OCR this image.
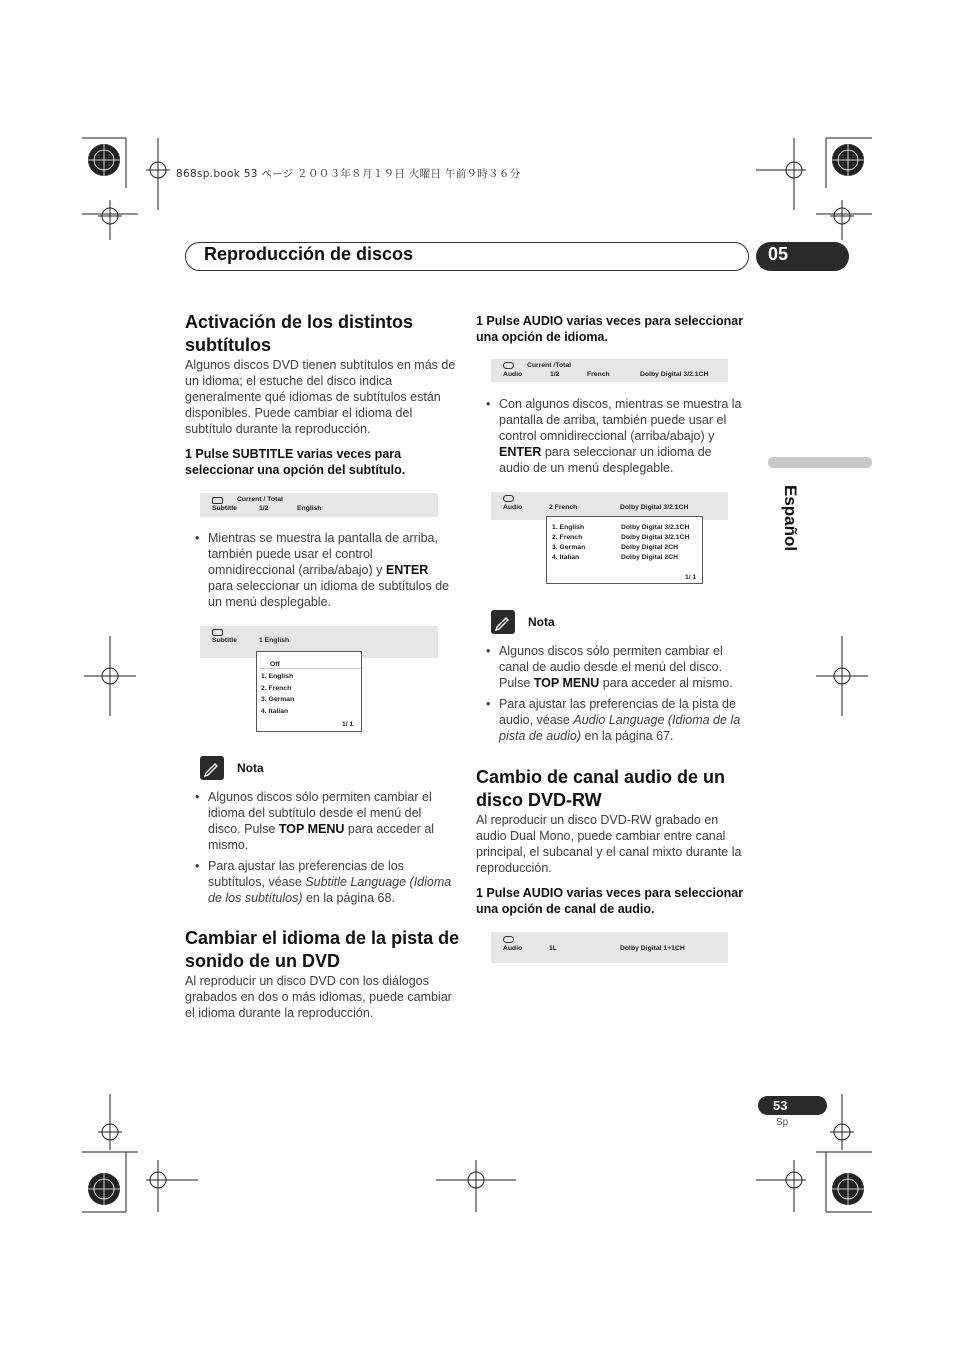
868sp.book 53 ページ ２００３年８月１９日 火曜日 午前９時３６分
Reproducción de discos	05
Español
Activación de los distintos subtítulos
Algunos discos DVD tienen subtítulos en más de un idioma; el estuche del disco indica generalmente qué idiomas de subtítulos están disponibles. Puede cambiar el idioma del subtítulo durante la reproducción.
1 Pulse SUBTITLE varias veces para seleccionar una opción del subtítulo.
Current / Total
Subtitle	1/2	English
• Mientras se muestra la pantalla de arriba, también puede usar el control omnidireccional (arriba/abajo) y ENTER para seleccionar un idioma de subtítulos de un menú desplegable.
Subtitle	1 English
Off
1. English
2. French
3. German
4. Italian
1/ 1
Nota
• Algunos discos sólo permiten cambiar el idioma del subtítulo desde el menú del disco. Pulse TOP MENU para acceder al mismo.
• Para ajustar las preferencias de los subtítulos, véase Subtitle Language (Idioma de los subtítulos) en la página 68.
Cambiar el idioma de la pista de sonido de un DVD
Al reproducir un disco DVD con los diálogos grabados en dos o más idiomas, puede cambiar el idioma durante la reproducción.
1 Pulse AUDIO varias veces para seleccionar una opción de idioma.
Current /Total
Audio	1/2	French	Dolby Digital 3/2.1CH
• Con algunos discos, mientras se muestra la pantalla de arriba, también puede usar el control omnidireccional (arriba/abajo) y ENTER para seleccionar un idioma de audio de un menú desplegable.
Audio	2 French	Dolby Digital 3/2.1CH
1. English	Dolby Digital 3/2.1CH
2. French	Dolby Digital 3/2.1CH
3. German	Dolby Digital 2CH
4. Italian	Dolby Digital 2CH
1/ 1
Nota
• Algunos discos sólo permiten cambiar el canal de audio desde el menú del disco. Pulse TOP MENU para acceder al mismo.
• Para ajustar las preferencias de la pista de audio, véase Audio Language (Idioma de la pista de audio) en la página 67.
Cambio de canal audio de un disco DVD-RW
Al reproducir un disco DVD-RW grabado en audio Dual Mono, puede cambiar entre canal principal, el subcanal y el canal mixto durante la reproducción.
1 Pulse AUDIO varias veces para seleccionar una opción de canal de audio.
Audio	1L	Dolby Digital 1+1CH
53
Sp
